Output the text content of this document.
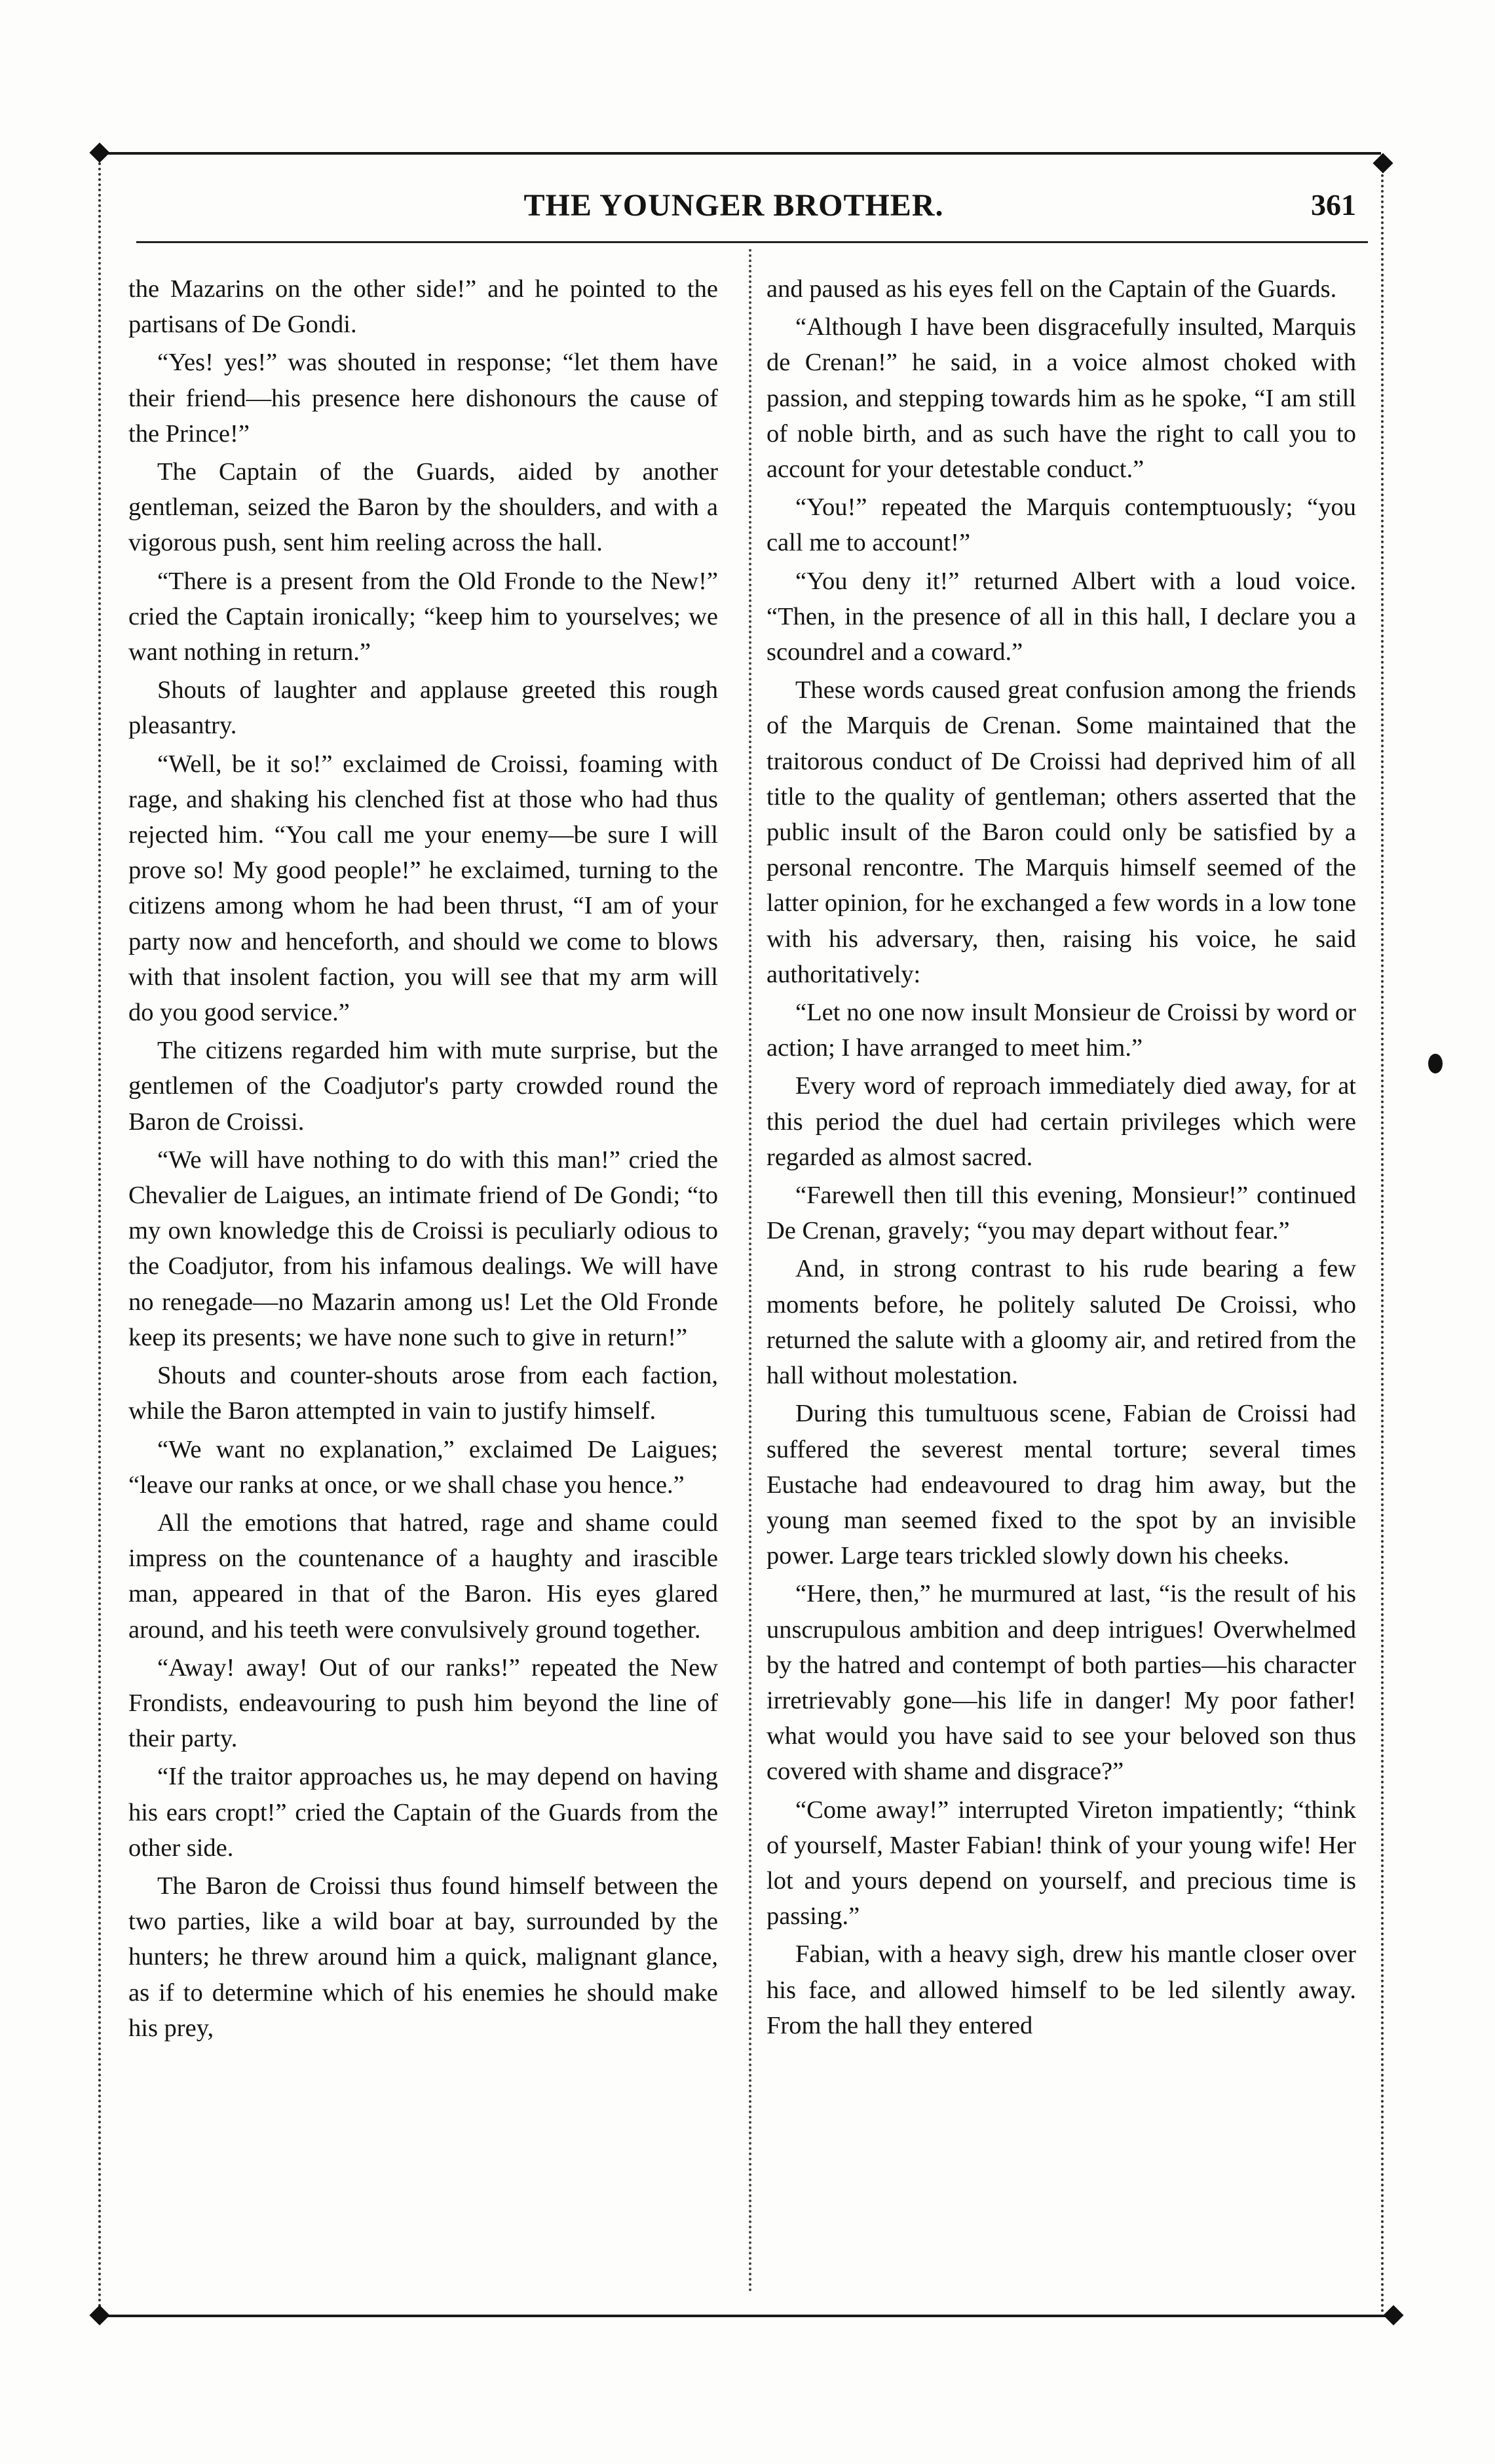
THE YOUNGER BROTHER.	361

the Mazarins on the other side!” and he pointed to the partisans of De Gondi.

“Yes! yes!” was shouted in response; “let them have their friend—his presence here dishonours the cause of the Prince!”

The Captain of the Guards, aided by another gentleman, seized the Baron by the shoulders, and with a vigorous push, sent him reeling across the hall.

“There is a present from the Old Fronde to the New!” cried the Captain ironically; “keep him to yourselves; we want nothing in return.”

Shouts of laughter and applause greeted this rough pleasantry.

“Well, be it so!” exclaimed de Croissi, foaming with rage, and shaking his clenched fist at those who had thus rejected him. “You call me your enemy—be sure I will prove so! My good people!” he exclaimed, turning to the citizens among whom he had been thrust, “I am of your party now and henceforth, and should we come to blows with that insolent faction, you will see that my arm will do you good service.”

The citizens regarded him with mute surprise, but the gentlemen of the Coadjutor's party crowded round the Baron de Croissi.

“We will have nothing to do with this man!” cried the Chevalier de Laigues, an intimate friend of De Gondi; “to my own knowledge this de Croissi is peculiarly odious to the Coadjutor, from his infamous dealings. We will have no renegade—no Mazarin among us! Let the Old Fronde keep its presents; we have none such to give in return!”

Shouts and counter-shouts arose from each faction, while the Baron attempted in vain to justify himself.

“We want no explanation,” exclaimed De Laigues; “leave our ranks at once, or we shall chase you hence.”

All the emotions that hatred, rage and shame could impress on the countenance of a haughty and irascible man, appeared in that of the Baron. His eyes glared around, and his teeth were convulsively ground together.

“Away! away! Out of our ranks!” repeated the New Frondists, endeavouring to push him beyond the line of their party.

“If the traitor approaches us, he may depend on having his ears cropt!” cried the Captain of the Guards from the other side.

The Baron de Croissi thus found himself between the two parties, like a wild boar at bay, surrounded by the hunters; he threw around him a quick, malignant glance, as if to determine which of his enemies he should make his prey,

and paused as his eyes fell on the Captain of the Guards.

“Although I have been disgracefully insulted, Marquis de Crenan!” he said, in a voice almost choked with passion, and stepping towards him as he spoke, “I am still of noble birth, and as such have the right to call you to account for your detestable conduct.”

“You!” repeated the Marquis contemptuously; “you call me to account!”

“You deny it!” returned Albert with a loud voice. “Then, in the presence of all in this hall, I declare you a scoundrel and a coward.”

These words caused great confusion among the friends of the Marquis de Crenan. Some maintained that the traitorous conduct of De Croissi had deprived him of all title to the quality of gentleman; others asserted that the public insult of the Baron could only be satisfied by a personal rencontre. The Marquis himself seemed of the latter opinion, for he exchanged a few words in a low tone with his adversary, then, raising his voice, he said authoritatively:

“Let no one now insult Monsieur de Croissi by word or action; I have arranged to meet him.”

Every word of reproach immediately died away, for at this period the duel had certain privileges which were regarded as almost sacred.

“Farewell then till this evening, Monsieur!” continued De Crenan, gravely; “you may depart without fear.”

And, in strong contrast to his rude bearing a few moments before, he politely saluted De Croissi, who returned the salute with a gloomy air, and retired from the hall without molestation.

During this tumultuous scene, Fabian de Croissi had suffered the severest mental torture; several times Eustache had endeavoured to drag him away, but the young man seemed fixed to the spot by an invisible power. Large tears trickled slowly down his cheeks.

“Here, then,” he murmured at last, “is the result of his unscrupulous ambition and deep intrigues! Overwhelmed by the hatred and contempt of both parties—his character irretrievably gone—his life in danger! My poor father! what would you have said to see your beloved son thus covered with shame and disgrace?”

“Come away!” interrupted Vireton impatiently; “think of yourself, Master Fabian! think of your young wife! Her lot and yours depend on yourself, and precious time is passing.”

Fabian, with a heavy sigh, drew his mantle closer over his face, and allowed himself to be led silently away. From the hall they entered
